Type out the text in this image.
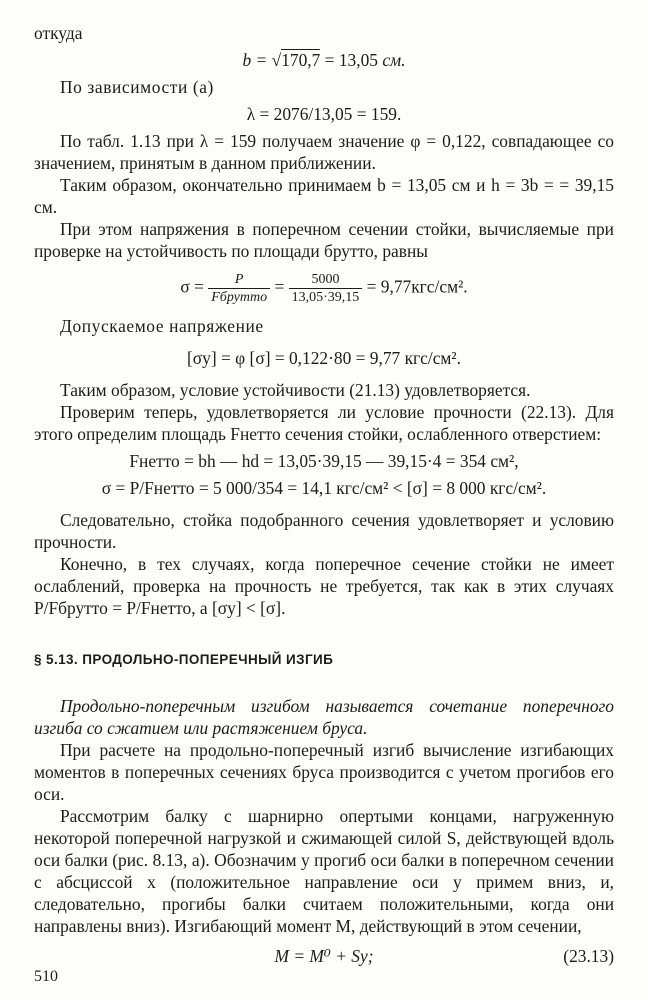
откуда

b = √170,7 = 13,05 см.

По зависимости (а)

λ = 2076/13,05 = 159.

По табл. 1.13 при λ = 159 получаем значение φ = 0,122, совпадающее со значением, принятым в данном приближении.

Таким образом, окончательно принимаем b = 13,05 см и h = 3b = = 39,15 см.

При этом напряжения в поперечном сечении стойки, вычисляемые при проверке на устойчивость по площади брутто, равны

$\sigma = \frac{P}{\text{Fбрутто}} = \frac{5000}{13,05\cdot 39,15} = 9,77кгс/см^2$.

Допускаемое напряжение

[σу] = φ [σ] = 0,122·80 = 9,77 кгс/см².

Таким образом, условие устойчивости (21.13) удовлетворяется.

Проверим теперь, удовлетворяется ли условие прочности (22.13). Для этого определим площадь Fнетто сечения стойки, ослабленного отверстием:

Fнетто = bh — hd = 13,05·39,15 — 39,15·4 = 354 см²,
σ = P/Fнетто = 5 000/354 = 14,1 кгс/см² < [σ] = 8 000 кгс/см².

Следовательно, стойка подобранного сечения удовлетворяет и условию прочности.

Конечно, в тех случаях, когда поперечное сечение стойки не имеет ослаблений, проверка на прочность не требуется, так как в этих случаях P/Fбрутто = P/Fнетто, а [σу] < [σ].

§ 5.13. ПРОДОЛЬНО-ПОПЕРЕЧНЫЙ ИЗГИБ

Продольно-поперечным изгибом называется сочетание поперечного изгиба со сжатием или растяжением бруса.

При расчете на продольно-поперечный изгиб вычисление изгибающих моментов в поперечных сечениях бруса производится с учетом прогибов его оси.

Рассмотрим балку с шарнирно опертыми концами, нагруженную некоторой поперечной нагрузкой и сжимающей силой S, действующей вдоль оси балки (рис. 8.13, а). Обозначим y прогиб оси балки в поперечном сечении с абсциссой x (положительное направление оси y примем вниз, и, следовательно, прогибы балки считаем положительными, когда они направлены вниз). Изгибающий момент M, действующий в этом сечении,

M = M⁰ + Sy;	(23.13)
510
